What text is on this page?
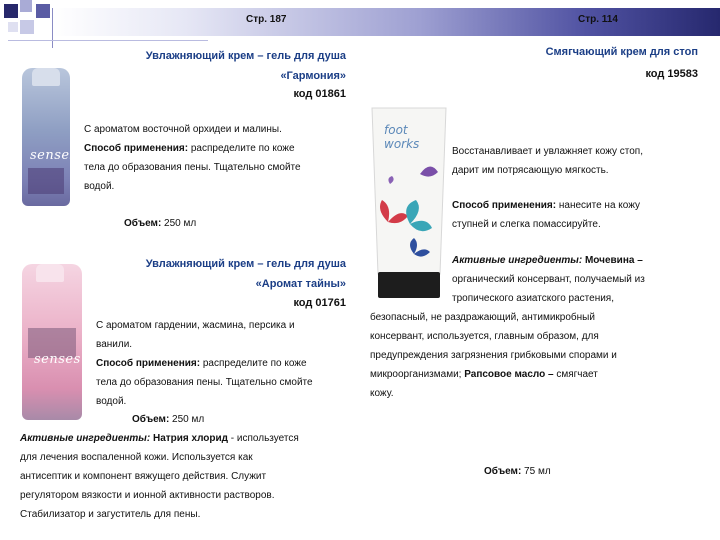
Стр. 187	Стр. 114
Увлажняющий крем – гель для душа
«Гармония»
код 01861
senses
С ароматом восточной орхидеи и малины.
Способ применения: распределите по коже
тела до образования пены. Тщательно смойте
водой.
Объем: 250 мл
Увлажняющий крем – гель для душа
«Аромат тайны»
код 01761
senses
С ароматом гардении, жасмина, персика и
ванили.
Способ применения: распределите по коже
тела до образования пены. Тщательно смойте
водой.
Объем: 250 мл
Активные ингредиенты: Натрия хлорид - используется
для лечения воспаленной кожи. Используется как
антисептик и компонент вяжущего действия. Служит
регулятором вязкости и ионной активности растворов.
Стабилизатор и загуститель для пены.
Смягчающий крем для стоп
код 19583
foot
works
Восстанавливает и увлажняет кожу стоп,
дарит им потрясающую мягкость.
Способ применения: нанесите на кожу
ступней и слегка помассируйте.
Активные ингредиенты: Мочевина –
органический консервант, получаемый из
тропического азиатского растения,
безопасный, не раздражающий, антимикробный
консервант, используется, главным образом, для
предупреждения загрязнения грибковыми спорами и
микроорганизмами; Рапсовое масло – смягчает
кожу.
Объем: 75 мл
